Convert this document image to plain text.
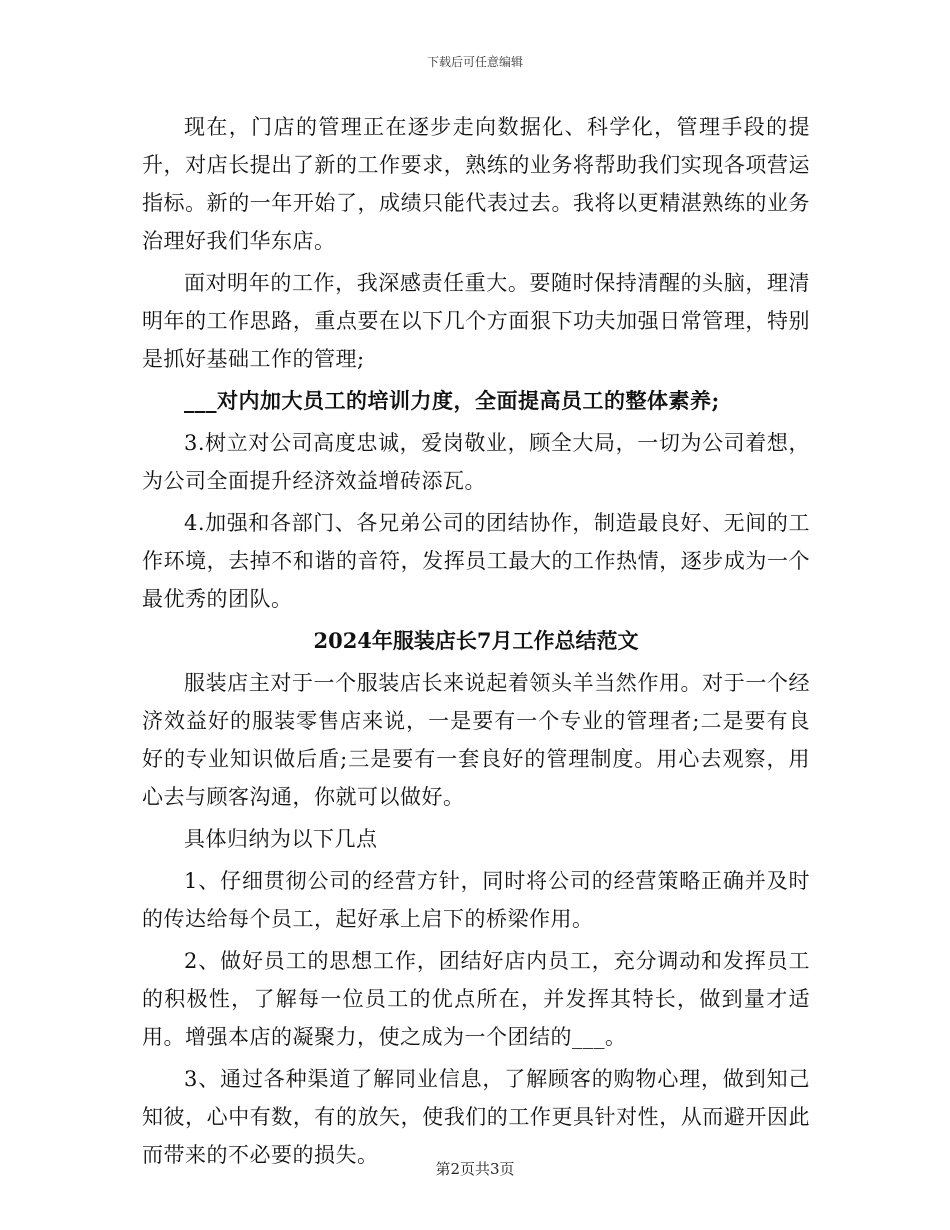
下载后可任意编辑

现在，门店的管理正在逐步走向数据化、科学化，管理手段的提升，对店长提出了新的工作要求，熟练的业务将帮助我们实现各项营运指标。新的一年开始了，成绩只能代表过去。我将以更精湛熟练的业务治理好我们华东店。

面对明年的工作，我深感责任重大。要随时保持清醒的头脑，理清明年的工作思路，重点要在以下几个方面狠下功夫加强日常管理，特别是抓好基础工作的管理;

___对内加大员工的培训力度，全面提高员工的整体素养;

3.树立对公司高度忠诚，爱岗敬业，顾全大局，一切为公司着想，为公司全面提升经济效益增砖添瓦。

4.加强和各部门、各兄弟公司的团结协作，制造最良好、无间的工作环境，去掉不和谐的音符，发挥员工最大的工作热情，逐步成为一个最优秀的团队。

2024年服装店长7月工作总结范文

服装店主对于一个服装店长来说起着领头羊当然作用。对于一个经济效益好的服装零售店来说，一是要有一个专业的管理者;二是要有良好的专业知识做后盾;三是要有一套良好的管理制度。用心去观察，用心去与顾客沟通，你就可以做好。

具体归纳为以下几点

1、仔细贯彻公司的经营方针，同时将公司的经营策略正确并及时的传达给每个员工，起好承上启下的桥梁作用。

2、做好员工的思想工作，团结好店内员工，充分调动和发挥员工的积极性，了解每一位员工的优点所在，并发挥其特长，做到量才适用。增强本店的凝聚力，使之成为一个团结的___。

3、通过各种渠道了解同业信息，了解顾客的购物心理，做到知己知彼，心中有数，有的放矢，使我们的工作更具针对性，从而避开因此而带来的不必要的损失。

第2页共3页
